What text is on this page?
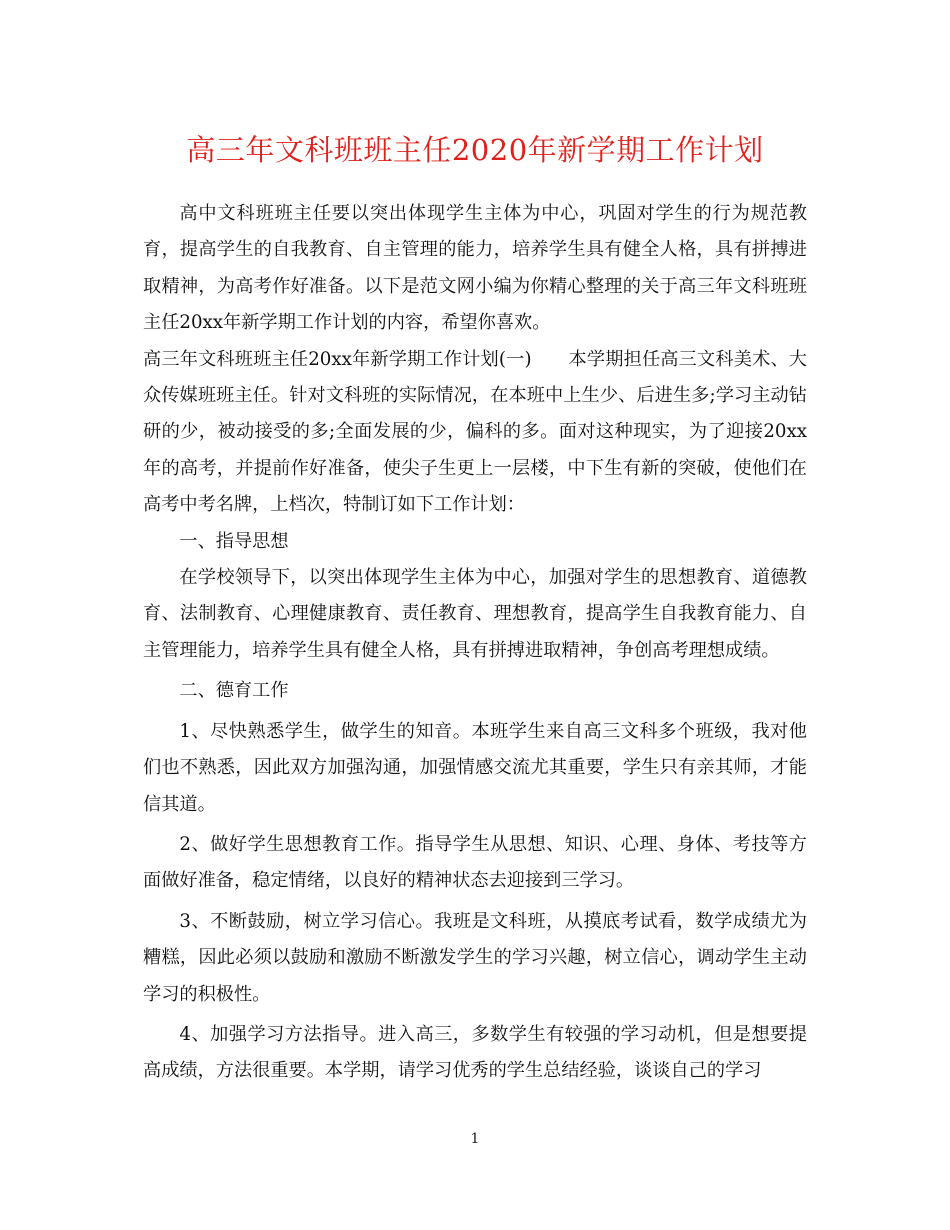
高三年文科班班主任2020年新学期工作计划

高中文科班班主任要以突出体现学生主体为中心，巩固对学生的行为规范教育，提高学生的自我教育、自主管理的能力，培养学生具有健全人格，具有拼搏进取精神，为高考作好准备。以下是范文网小编为你精心整理的关于高三年文科班班主任20xx年新学期工作计划的内容，希望你喜欢。

高三年文科班班主任20xx年新学期工作计划(一)　　本学期担任高三文科美术、大众传媒班班主任。针对文科班的实际情况，在本班中上生少、后进生多;学习主动钻研的少，被动接受的多;全面发展的少，偏科的多。面对这种现实，为了迎接20xx年的高考，并提前作好准备，使尖子生更上一层楼，中下生有新的突破，使他们在高考中考名牌，上档次，特制订如下工作计划：

一、指导思想

在学校领导下，以突出体现学生主体为中心，加强对学生的思想教育、道德教育、法制教育、心理健康教育、责任教育、理想教育，提高学生自我教育能力、自主管理能力，培养学生具有健全人格，具有拼搏进取精神，争创高考理想成绩。

二、德育工作

1、尽快熟悉学生，做学生的知音。本班学生来自高三文科多个班级，我对他们也不熟悉，因此双方加强沟通，加强情感交流尤其重要，学生只有亲其师，才能信其道。

2、做好学生思想教育工作。指导学生从思想、知识、心理、身体、考技等方面做好准备，稳定情绪，以良好的精神状态去迎接到三学习。

3、不断鼓励，树立学习信心。我班是文科班，从摸底考试看，数学成绩尤为糟糕，因此必须以鼓励和激励不断激发学生的学习兴趣，树立信心，调动学生主动学习的积极性。

4、加强学习方法指导。进入高三，多数学生有较强的学习动机，但是想要提高成绩，方法很重要。本学期，请学习优秀的学生总结经验，谈谈自己的学习

1
